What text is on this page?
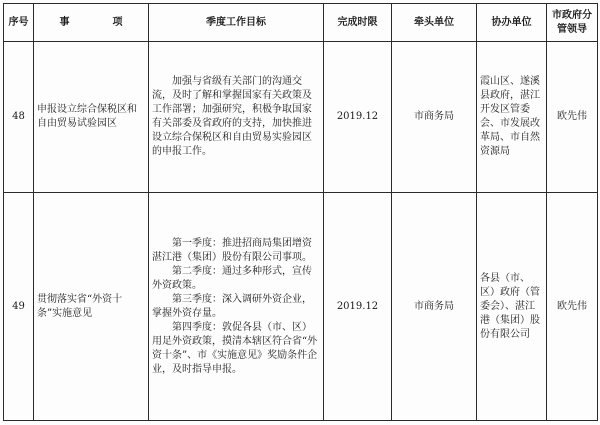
序号	事 项	季度工作目标	完成时限	牵头单位	协办单位	市政府分管领导
48	申报设立综合保税区和自由贸易试验园区	加强与省级有关部门的沟通交流，及时了解和掌握国家有关政策及工作部署；加强研究，积极争取国家有关部委及省政府的支持，加快推进设立综合保税区和自由贸易实验园区的申报工作。	2019.12	市商务局	霞山区、遂溪县政府，湛江开发区管委会、市发展改革局、市自然资源局	欧先伟
49	贯彻落实省“外资十条”实施意见	第一季度：推进招商局集团增资湛江港（集团）股份有限公司事项。

第二季度：通过多种形式，宣传外资政策。

第三季度：深入调研外资企业，掌握外资存量。

第四季度：敦促各县（市、区）用足外资政策，摸清本辖区符合省“外资十条”、市《实施意见》奖励条件企业，及时指导申报。	2019.12	市商务局	各县（市、区）政府（管委会）、湛江港（集团）股份有限公司	欧先伟
